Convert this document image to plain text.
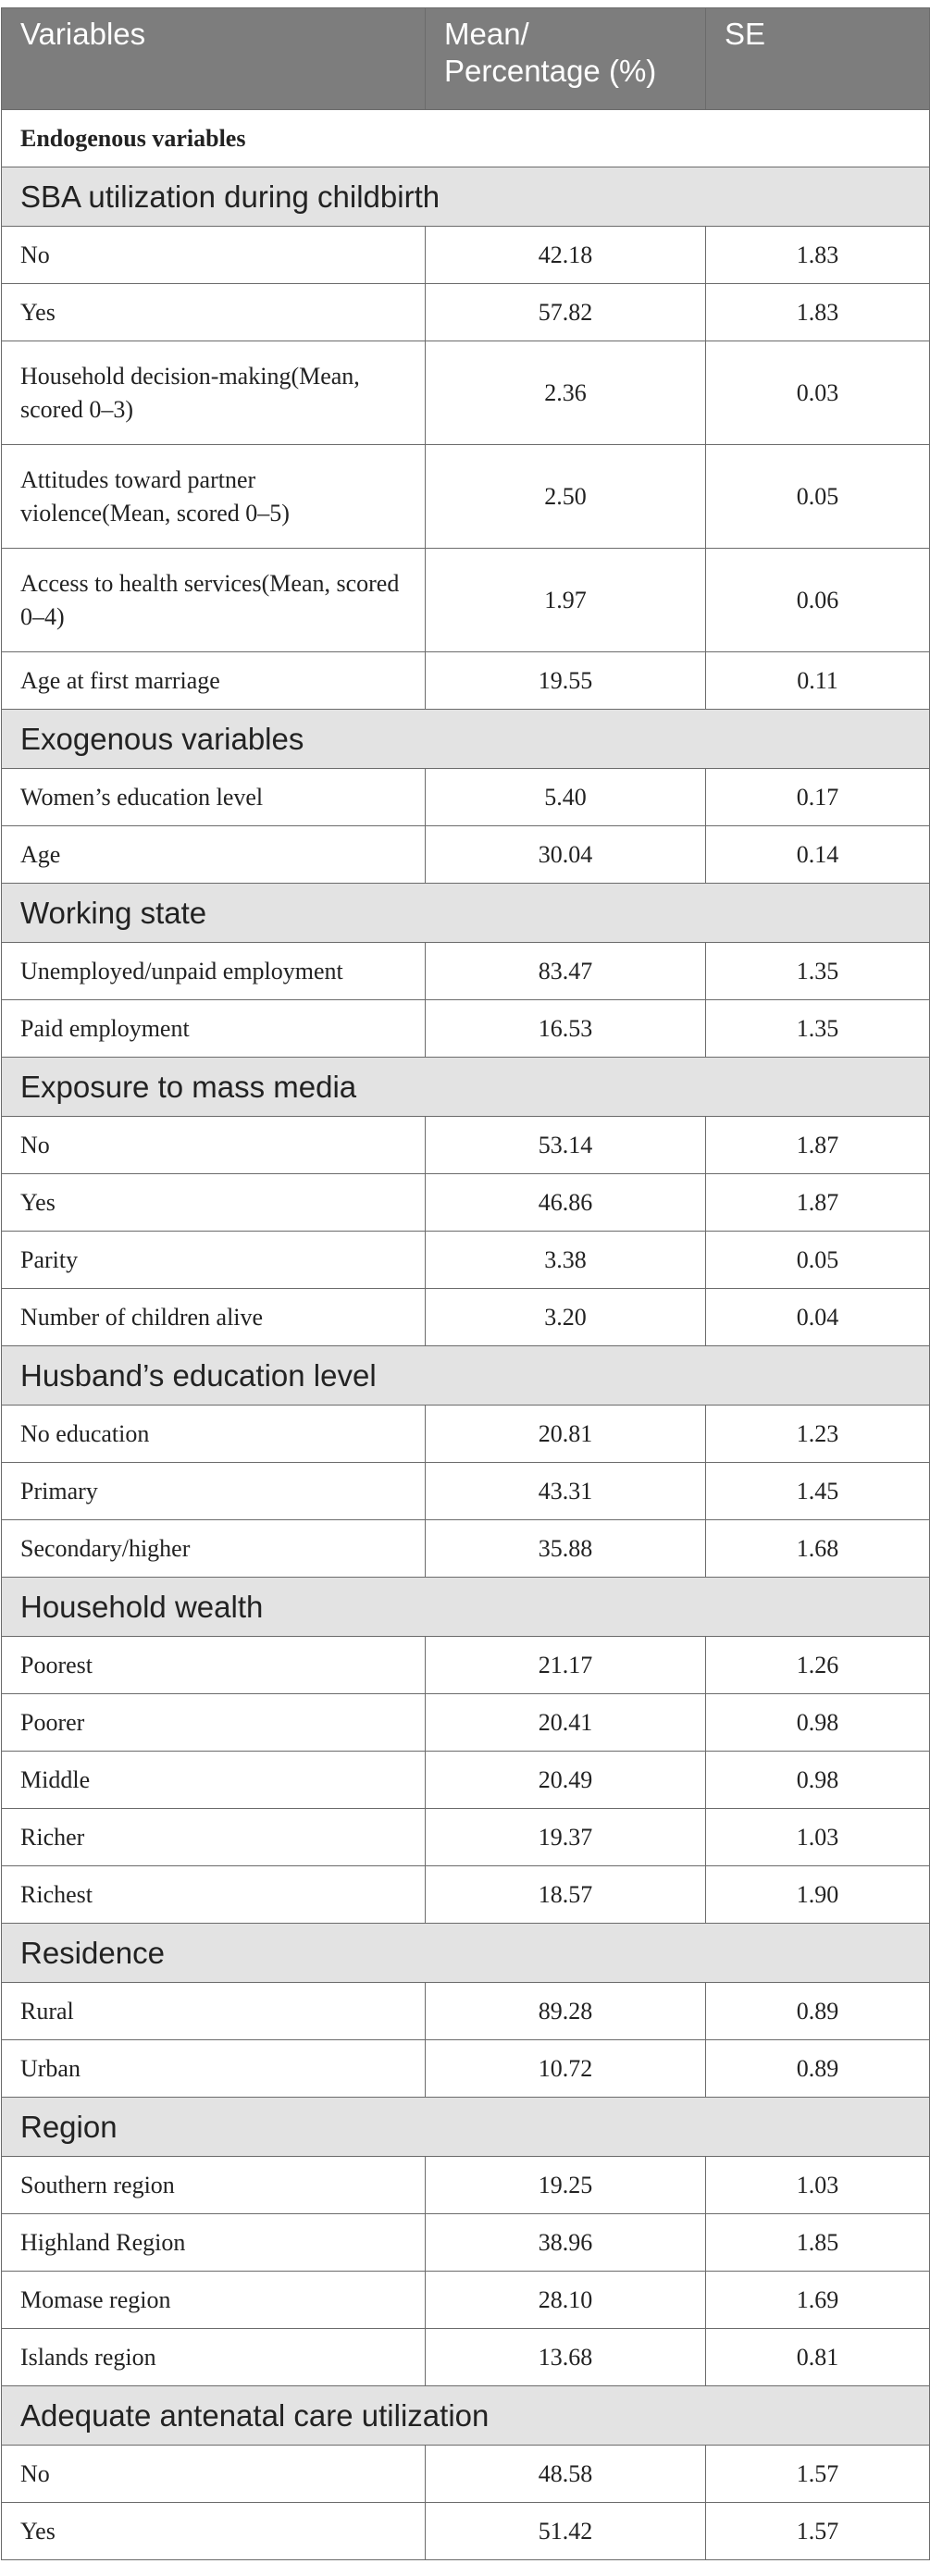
Variables	Mean/ Percentage (%)	SE
Endogenous variables		
SBA utilization during childbirth		
No	42.18	1.83
Yes	57.82	1.83
Household decision-making(Mean, scored 0–3)	2.36	0.03
Attitudes toward partner violence(Mean, scored 0–5)	2.50	0.05
Access to health services(Mean, scored 0–4)	1.97	0.06
Age at first marriage	19.55	0.11
Exogenous variables		
Women’s education level	5.40	0.17
Age	30.04	0.14
Working state		
Unemployed/unpaid employment	83.47	1.35
Paid employment	16.53	1.35
Exposure to mass media		
No	53.14	1.87
Yes	46.86	1.87
Parity	3.38	0.05
Number of children alive	3.20	0.04
Husband’s education level		
No education	20.81	1.23
Primary	43.31	1.45
Secondary/higher	35.88	1.68
Household wealth		
Poorest	21.17	1.26
Poorer	20.41	0.98
Middle	20.49	0.98
Richer	19.37	1.03
Richest	18.57	1.90
Residence		
Rural	89.28	0.89
Urban	10.72	0.89
Region		
Southern region	19.25	1.03
Highland Region	38.96	1.85
Momase region	28.10	1.69
Islands region	13.68	0.81
Adequate antenatal care utilization		
No	48.58	1.57
Yes	51.42	1.57
